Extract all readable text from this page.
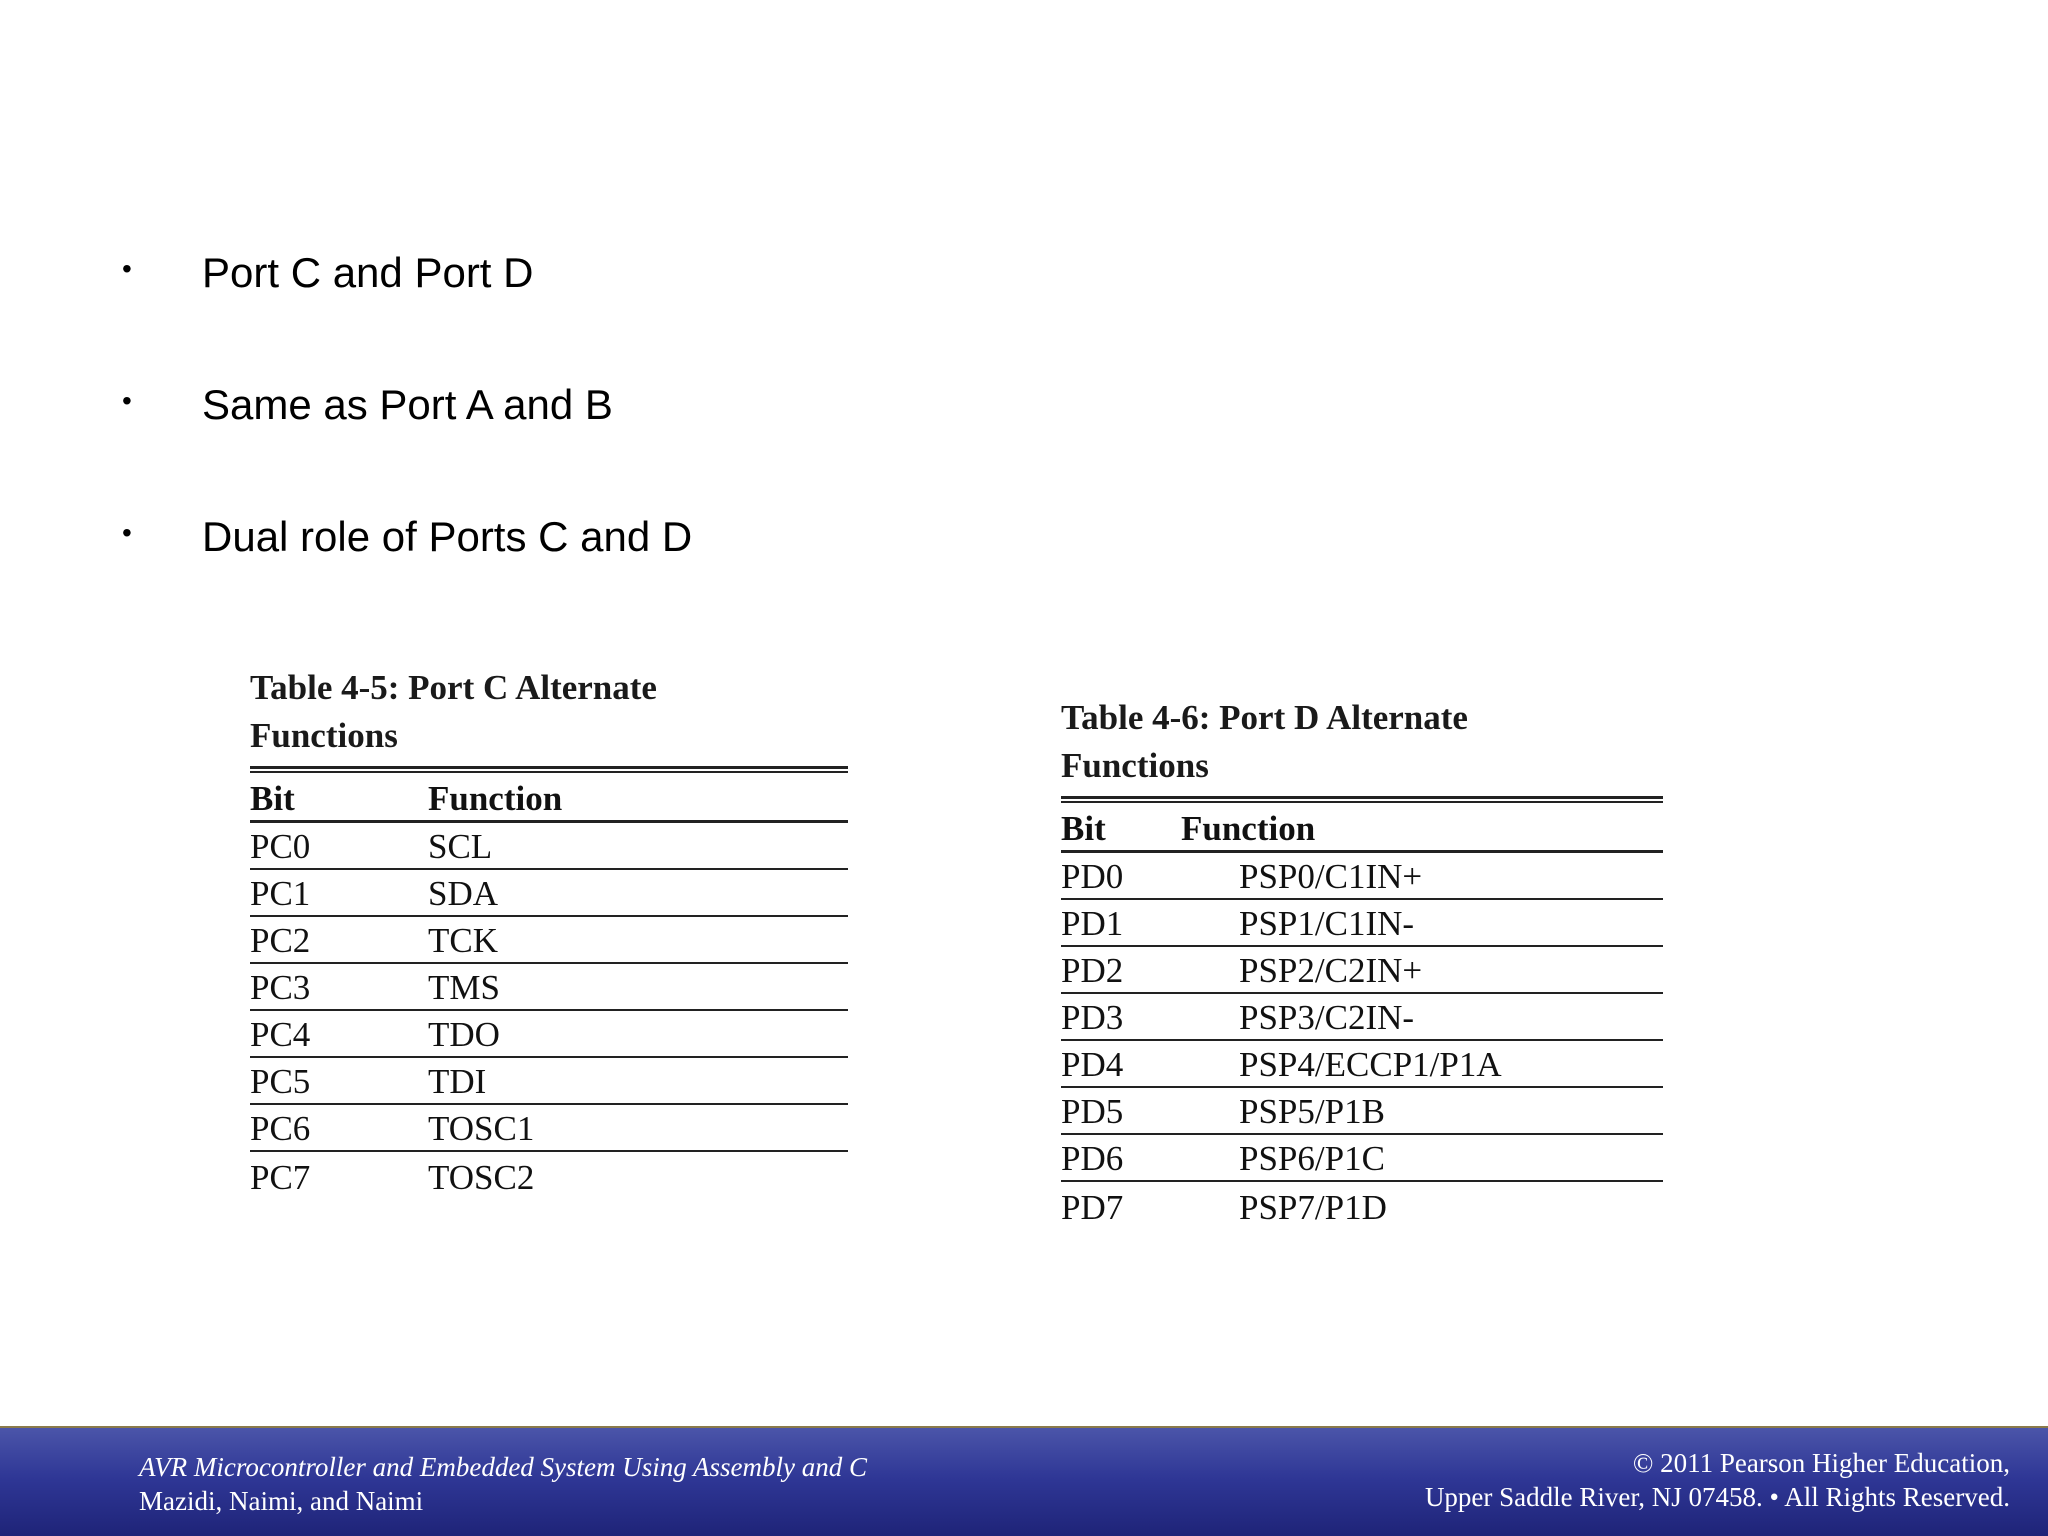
•	Port C and Port D
•	Same as Port A and B
•	Dual role of Ports C and D
Table 4-5: Port C Alternate
Functions
Bit	Function
PC0	SCL
PC1	SDA
PC2	TCK
PC3	TMS
PC4	TDO
PC5	TDI
PC6	TOSC1
PC7	TOSC2
Table 4-6: Port D Alternate
Functions
Bit	Function
PD0	PSP0/C1IN+
PD1	PSP1/C1IN-
PD2	PSP2/C2IN+
PD3	PSP3/C2IN-
PD4	PSP4/ECCP1/P1A
PD5	PSP5/P1B
PD6	PSP6/P1C
PD7	PSP7/P1D
AVR Microcontroller and Embedded System Using Assembly and C
Mazidi, Naimi, and Naimi
© 2011 Pearson Higher Education,
Upper Saddle River, NJ 07458. • All Rights Reserved.
